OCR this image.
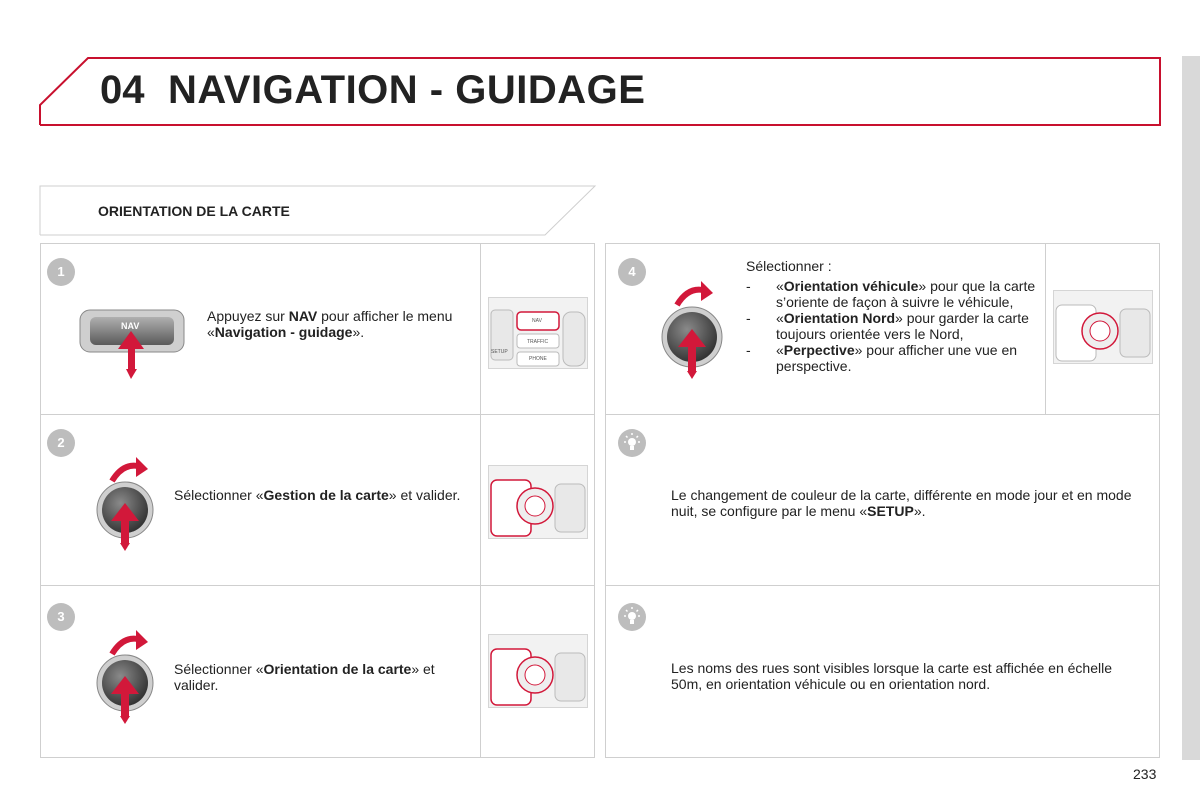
04 NAVIGATION - GUIDAGE
ORIENTATION DE LA CARTE
1
NAV
Appuyez sur NAV pour afficher le menu «Navigation - guidage».
NAV
TRAFFIC
SETUP
PHONE
2
Sélectionner «Gestion de la carte» et valider.
3
Sélectionner «Orientation de la carte» et valider.
4	Sélectionner :
- «Orientation véhicule» pour que la carte s’oriente de façon à suivre le véhicule,
- «Orientation Nord» pour garder la carte toujours orientée vers le Nord,
- «Perpective» pour afficher une vue en perspective.
Le changement de couleur de la carte, différente en mode jour et en mode nuit, se configure par le menu «SETUP».
Les noms des rues sont visibles lorsque la carte est affichée en échelle 50m, en orientation véhicule ou en orientation nord.
233
